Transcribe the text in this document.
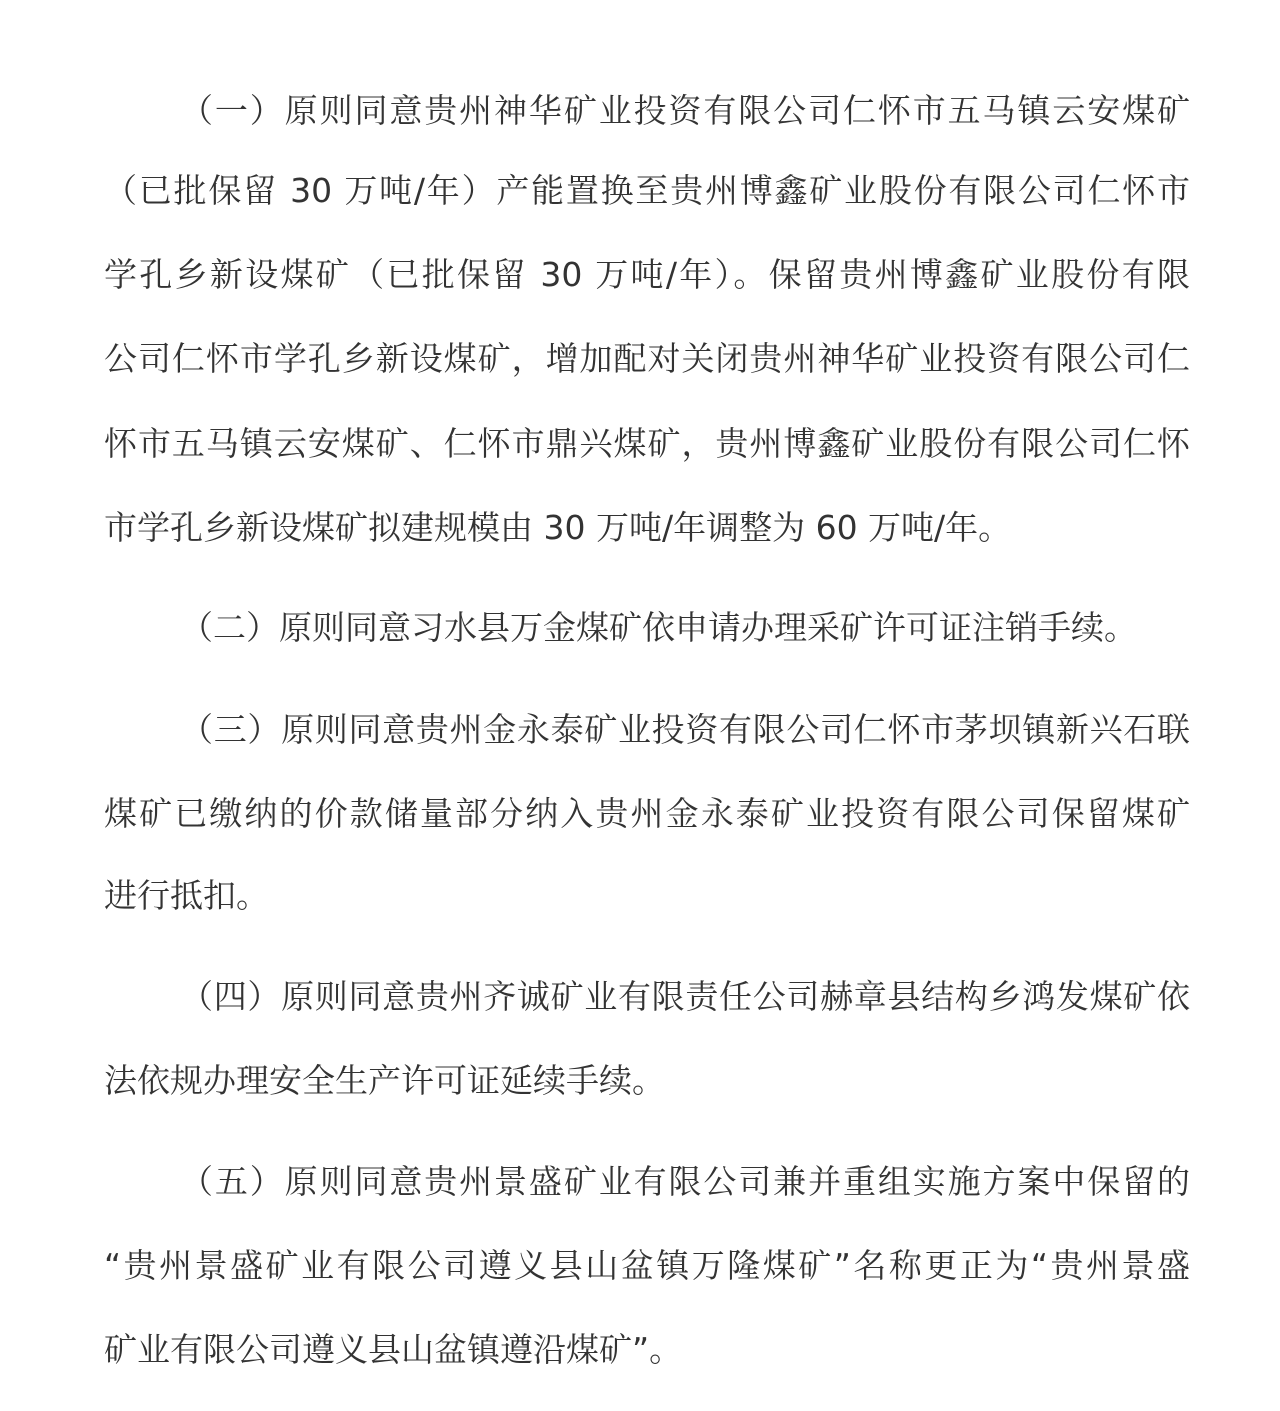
（一）原则同意贵州神华矿业投资有限公司仁怀市五马镇云安煤矿
（已批保留 30 万吨/年）产能置换至贵州博鑫矿业股份有限公司仁怀市
学孔乡新设煤矿（已批保留 30 万吨/年）。保留贵州博鑫矿业股份有限
公司仁怀市学孔乡新设煤矿，增加配对关闭贵州神华矿业投资有限公司仁
怀市五马镇云安煤矿、仁怀市鼎兴煤矿，贵州博鑫矿业股份有限公司仁怀
市学孔乡新设煤矿拟建规模由 30 万吨/年调整为 60 万吨/年。
（二）原则同意习水县万金煤矿依申请办理采矿许可证注销手续。
（三）原则同意贵州金永泰矿业投资有限公司仁怀市茅坝镇新兴石联
煤矿已缴纳的价款储量部分纳入贵州金永泰矿业投资有限公司保留煤矿
进行抵扣。
（四）原则同意贵州齐诚矿业有限责任公司赫章县结构乡鸿发煤矿依
法依规办理安全生产许可证延续手续。
（五）原则同意贵州景盛矿业有限公司兼并重组实施方案中保留的
“贵州景盛矿业有限公司遵义县山盆镇万隆煤矿”名称更正为“贵州景盛
矿业有限公司遵义县山盆镇遵沿煤矿”。
